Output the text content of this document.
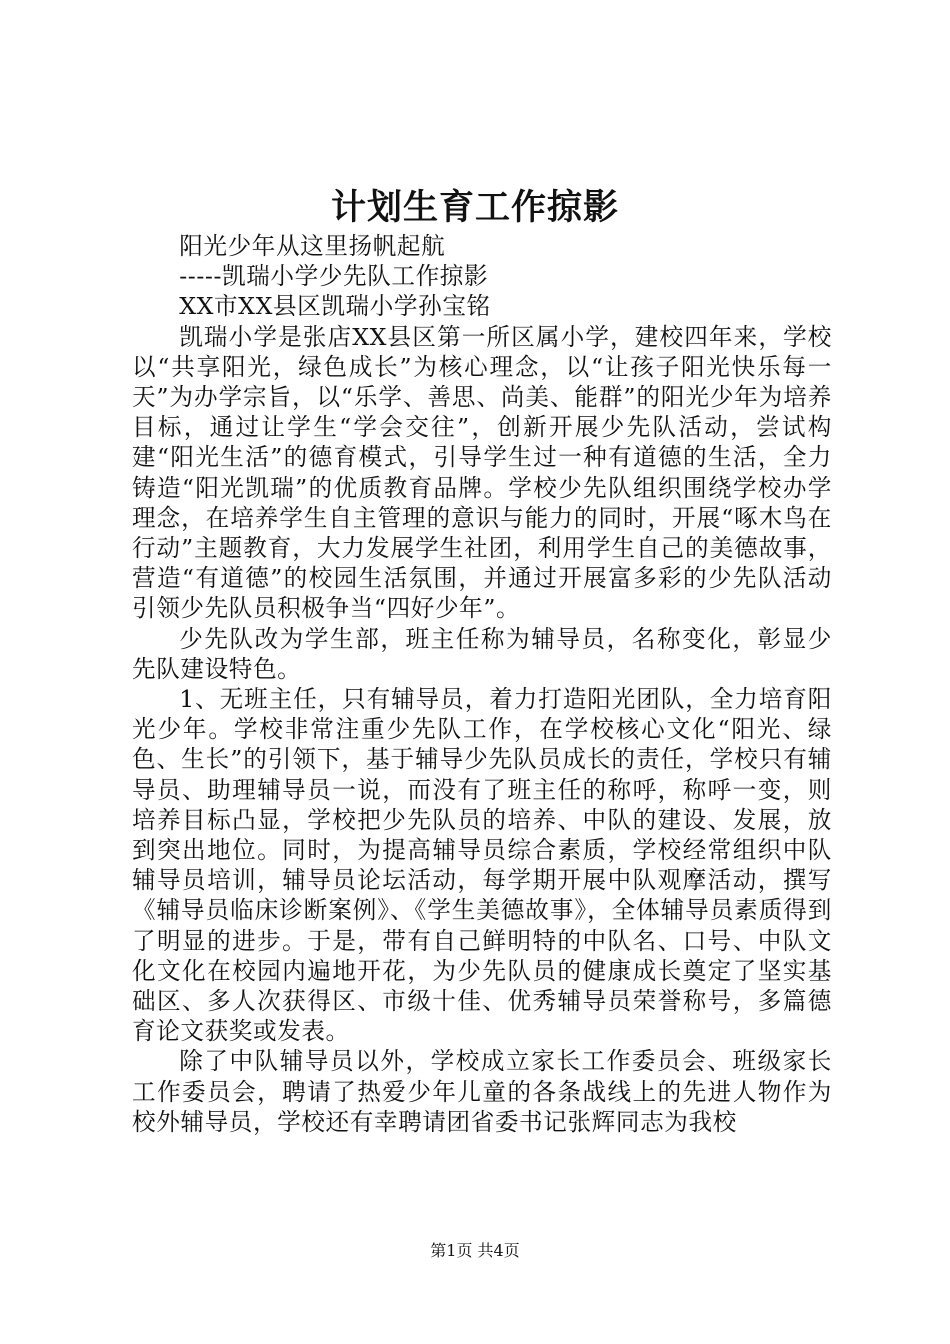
计划生育工作掠影

阳光少年从这里扬帆起航

-----凯瑞小学少先队工作掠影

XX市XX县区凯瑞小学孙宝铭

凯瑞小学是张店XX县区第一所区属小学，建校四年来，学校以“共享阳光，绿色成长”为核心理念，以“让孩子阳光快乐每一天”为办学宗旨，以“乐学、善思、尚美、能群”的阳光少年为培养目标，通过让学生“学会交往”，创新开展少先队活动，尝试构建“阳光生活”的德育模式，引导学生过一种有道德的生活，全力铸造“阳光凯瑞”的优质教育品牌。学校少先队组织围绕学校办学理念，在培养学生自主管理的意识与能力的同时，开展“啄木鸟在行动”主题教育，大力发展学生社团，利用学生自己的美德故事，营造“有道德”的校园生活氛围，并通过开展富多彩的少先队活动引领少先队员积极争当“四好少年”。

少先队改为学生部，班主任称为辅导员，名称变化，彰显少先队建设特色。

1、无班主任，只有辅导员，着力打造阳光团队，全力培育阳光少年。学校非常注重少先队工作，在学校核心文化“阳光、绿色、生长”的引领下，基于辅导少先队员成长的责任，学校只有辅导员、助理辅导员一说，而没有了班主任的称呼，称呼一变，则培养目标凸显，学校把少先队员的培养、中队的建设、发展，放到突出地位。同时，为提高辅导员综合素质，学校经常组织中队辅导员培训，辅导员论坛活动，每学期开展中队观摩活动，撰写《辅导员临床诊断案例》、《学生美德故事》，全体辅导员素质得到了明显的进步。于是，带有自己鲜明特的中队名、口号、中队文化文化在校园内遍地开花，为少先队员的健康成长奠定了坚实基础区、多人次获得区、市级十佳、优秀辅导员荣誉称号，多篇德育论文获奖或发表。

除了中队辅导员以外，学校成立家长工作委员会、班级家长工作委员会，聘请了热爱少年儿童的各条战线上的先进人物作为校外辅导员，学校还有幸聘请团省委书记张辉同志为我校

第1页 共4页
